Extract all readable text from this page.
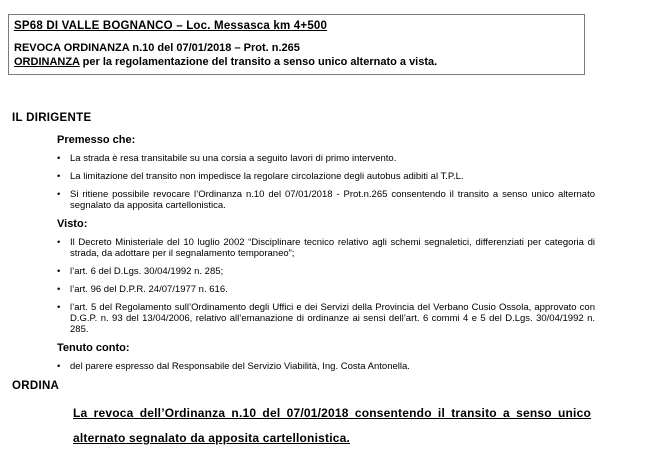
SP68 DI VALLE BOGNANCO – Loc. Messasca km 4+500

REVOCA ORDINANZA n.10 del 07/01/2018 – Prot. n.265

ORDINANZA per la regolamentazione del transito a senso unico alternato a vista.

IL DIRIGENTE
Premesso che:
•	La strada è resa transitabile su una corsia a seguito lavori di primo intervento.
•	La limitazione del transito non impedisce la regolare circolazione degli autobus adibiti al T.P.L.
•	Si ritiene possibile revocare l’Ordinanza n.10 del 07/01/2018 - Prot.n.265 consentendo il transito a senso unico alternato segnalato da apposita cartellonistica.
Visto:
•	Il Decreto Ministeriale del 10 luglio 2002 “Disciplinare tecnico relativo agli schemi segnaletici, differenziati per categoria di strada, da adottare per il segnalamento temporaneo”;
•	l’art. 6 del D.Lgs. 30/04/1992 n. 285;
•	l’art. 96 del D.P.R. 24/07/1977 n. 616.
•	l’art. 5 del Regolamento sull’Ordinamento degli Uffici e dei Servizi della Provincia del Verbano Cusio Ossola, approvato con D.G.P. n. 93 del 13/04/2006, relativo all’emanazione di ordinanze ai sensi dell’art. 6 commi 4 e 5 del D.Lgs. 30/04/1992 n. 285.
Tenuto conto:
•	del parere espresso dal Responsabile del Servizio Viabilità, Ing. Costa Antonella.
ORDINA

La revoca dell’Ordinanza n.10 del 07/01/2018 consentendo il transito a senso unico alternato segnalato da apposita cartellonistica.
